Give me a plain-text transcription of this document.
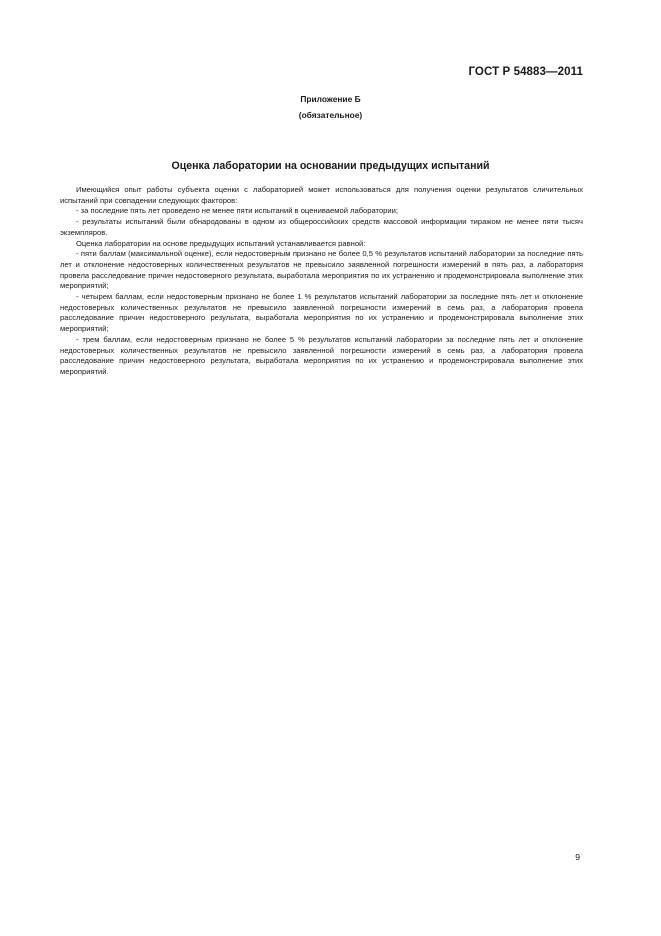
ГОСТ Р 54883—2011
Приложение Б
(обязательное)
Оценка лаборатории на основании предыдущих испытаний

Имеющийся опыт работы субъекта оценки с лабораторией может использоваться для получения оценки результатов сличительных испытаний при совпадении следующих факторов:

- за последние пять лет проведено не менее пяти испытаний в оцениваемой лаборатории;

- результаты испытаний были обнародованы в одном из общероссийских средств массовой информации тиражом не менее пяти тысяч экземпляров.

Оценка лаборатории на основе предыдущих испытаний устанавливается равной:

- пяти баллам (максимальной оценке), если недостоверным признано не более 0,5 % результатов испытаний лаборатории за последние пять лет и отклонение недостоверных количественных результатов не превысило заявленной погрешности измерений в пять раз, а лаборатория провела расследование причин недостоверного результата, выработала мероприятия по их устранению и продемонстрировала выполнение этих мероприятий;

- четырем баллам, если недостоверным признано не более 1 % результатов испытаний лаборатории за последние пять лет и отклонение недостоверных количественных результатов не превысило заявленной погрешности измерений в семь раз, а лаборатория провела расследование причин недостоверного результата, выработала мероприятия по их устранению и продемонстрировала выполнение этих мероприятий;

- трем баллам, если недостоверным признано не более 5 % результатов испытаний лаборатории за последние пять лет и отклонение недостоверных количественных результатов не превысило заявленной погрешности измерений в семь раз, а лаборатория провела расследование причин недостоверного результата, выработала мероприятия по их устранению и продемонстрировала выполнение этих мероприятий.

9
